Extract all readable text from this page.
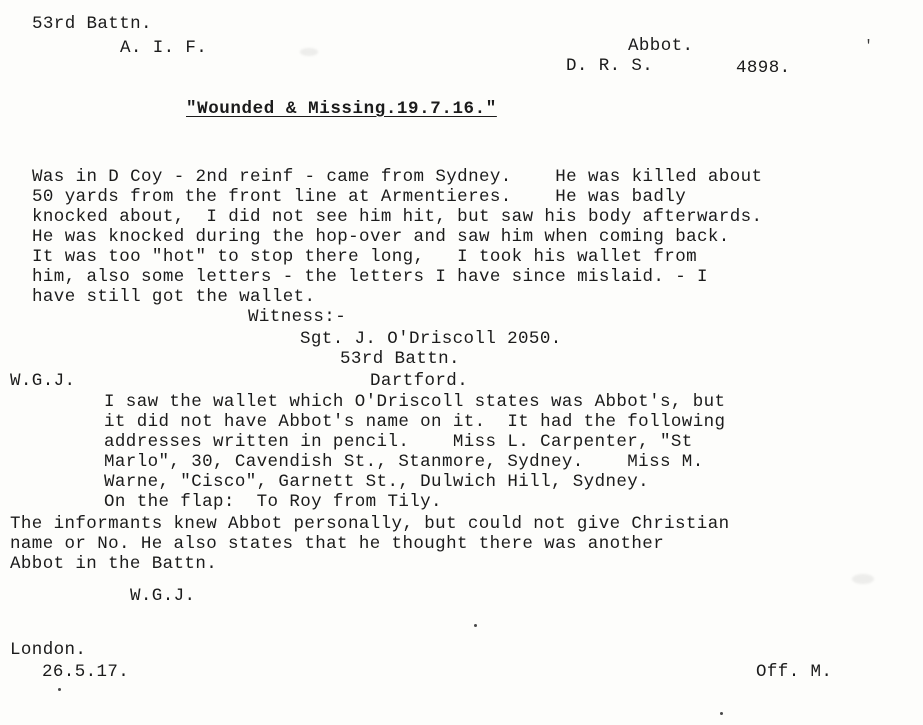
53rd Battn.
A. I. F.	Abbot.
D. R. S.	4898.
'
"Wounded & Missing.19.7.16."
Was in D Coy - 2nd reinf - came from Sydney.    He was killed about
50 yards from the front line at Armentieres.    He was badly
knocked about,  I did not see him hit, but saw his body afterwards.
He was knocked during the hop-over and saw him when coming back.
It was too "hot" to stop there long,   I took his wallet from
him, also some letters - the letters I have since mislaid. - I
have still got the wallet.
Witness:-
Sgt. J. O'Driscoll 2050.
53rd Battn.
Dartford.
W.G.J.
I saw the wallet which O'Driscoll states was Abbot's, but
it did not have Abbot's name on it.  It had the following
addresses written in pencil.    Miss L. Carpenter, "St
Marlo", 30, Cavendish St., Stanmore, Sydney.    Miss M.
Warne, "Cisco", Garnett St., Dulwich Hill, Sydney.
On the flap:  To Roy from Tily.
The informants knew Abbot personally, but could not give Christian
name or No. He also states that he thought there was another
Abbot in the Battn.
W.G.J.
London.
26.5.17.	Off. M.
